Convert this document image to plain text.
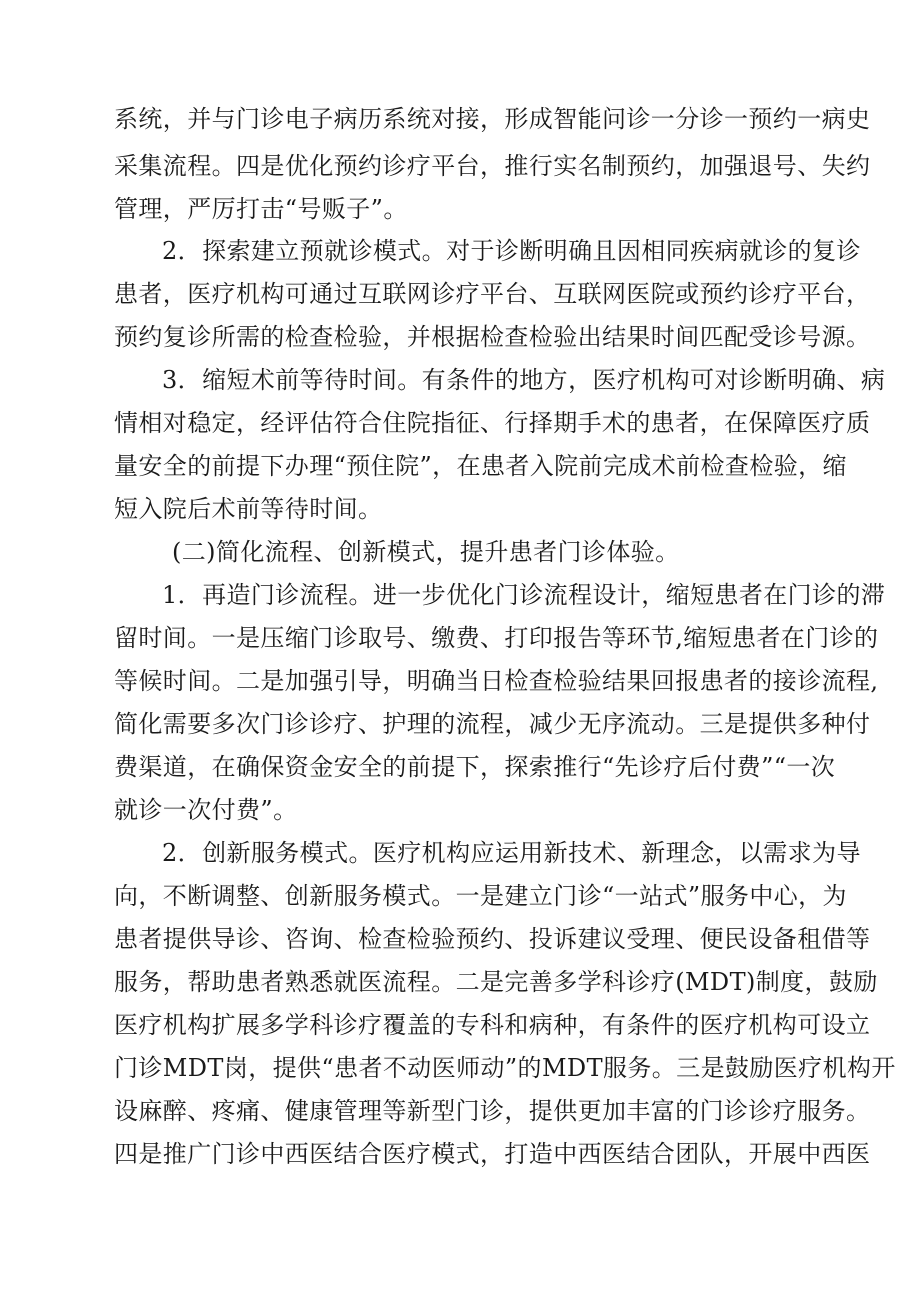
系统，并与门诊电子病历系统对接，形成智能问诊一分诊一预约一病史
采集流程。四是优化预约诊疗平台，推行实名制预约，加强退号、失约
管理，严厉打击“号贩子”。
2．探索建立预就诊模式。对于诊断明确且因相同疾病就诊的复诊
患者，医疗机构可通过互联网诊疗平台、互联网医院或预约诊疗平台，
预约复诊所需的检查检验，并根据检查检验出结果时间匹配受诊号源。
3．缩短术前等待时间。有条件的地方，医疗机构可对诊断明确、病
情相对稳定，经评估符合住院指征、行择期手术的患者，在保障医疗质
量安全的前提下办理“预住院”，在患者入院前完成术前检查检验，缩
短入院后术前等待时间。
(二)简化流程、创新模式，提升患者门诊体验。
1．再造门诊流程。进一步优化门诊流程设计，缩短患者在门诊的滞
留时间。一是压缩门诊取号、缴费、打印报告等环节,缩短患者在门诊的
等候时间。二是加强引导，明确当日检查检验结果回报患者的接诊流程,
简化需要多次门诊诊疗、护理的流程，减少无序流动。三是提供多种付
费渠道，在确保资金安全的前提下，探索推行“先诊疗后付费”“一次
就诊一次付费”。
2．创新服务模式。医疗机构应运用新技术、新理念，以需求为导
向，不断调整、创新服务模式。一是建立门诊“一站式”服务中心，为
患者提供导诊、咨询、检查检验预约、投诉建议受理、便民设备租借等
服务，帮助患者熟悉就医流程。二是完善多学科诊疗(MDT)制度，鼓励
医疗机构扩展多学科诊疗覆盖的专科和病种，有条件的医疗机构可设立
门诊MDT岗，提供“患者不动医师动”的MDT服务。三是鼓励医疗机构开
设麻醉、疼痛、健康管理等新型门诊，提供更加丰富的门诊诊疗服务。
四是推广门诊中西医结合医疗模式，打造中西医结合团队，开展中西医
